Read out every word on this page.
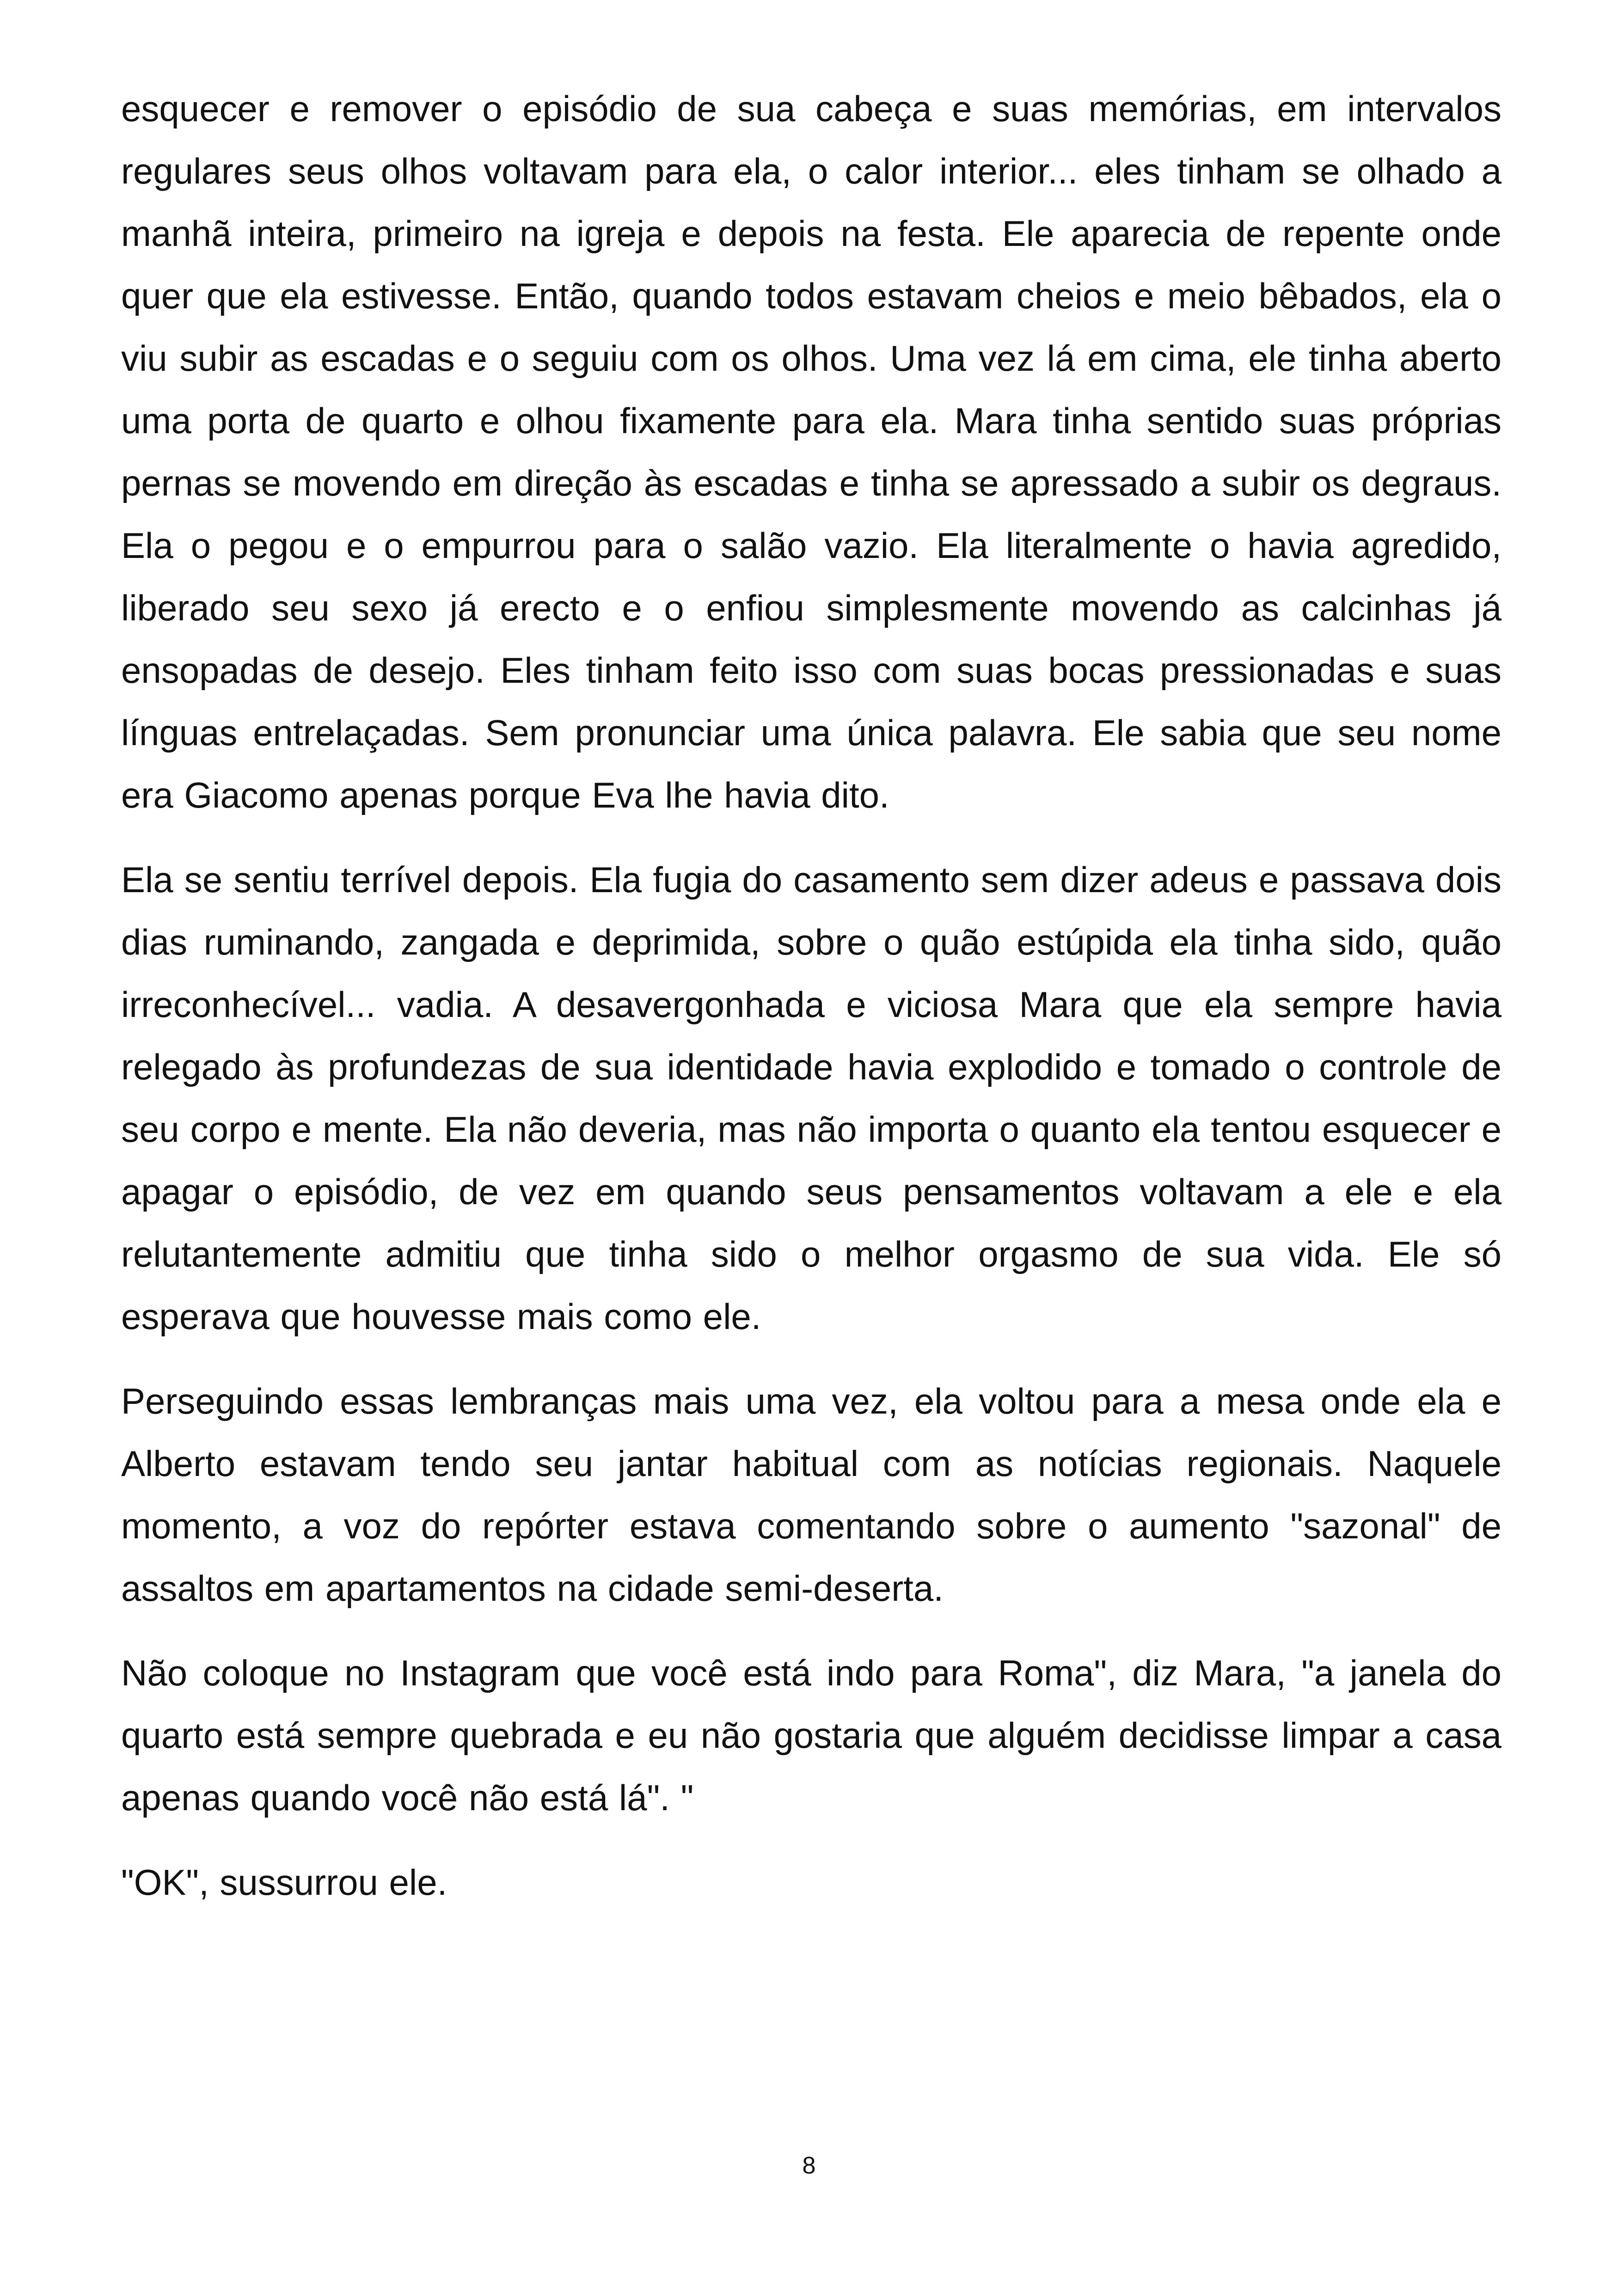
esquecer e remover o episódio de sua cabeça e suas memórias, em intervalos regulares seus olhos voltavam para ela, o calor interior... eles tinham se olhado a manhã inteira, primeiro na igreja e depois na festa. Ele aparecia de repente onde quer que ela estivesse. Então, quando todos estavam cheios e meio bêbados, ela o viu subir as escadas e o seguiu com os olhos. Uma vez lá em cima, ele tinha aberto uma porta de quarto e olhou fixamente para ela. Mara tinha sentido suas próprias pernas se movendo em direção às escadas e tinha se apressado a subir os degraus. Ela o pegou e o empurrou para o salão vazio. Ela literalmente o havia agredido, liberado seu sexo já erecto e o enfiou simplesmente movendo as calcinhas já ensopadas de desejo. Eles tinham feito isso com suas bocas pressionadas e suas línguas entrelaçadas. Sem pronunciar uma única palavra. Ele sabia que seu nome era Giacomo apenas porque Eva lhe havia dito.

Ela se sentiu terrível depois. Ela fugia do casamento sem dizer adeus e passava dois dias ruminando, zangada e deprimida, sobre o quão estúpida ela tinha sido, quão irreconhecível... vadia. A desavergonhada e viciosa Mara que ela sempre havia relegado às profundezas de sua identidade havia explodido e tomado o controle de seu corpo e mente. Ela não deveria, mas não importa o quanto ela tentou esquecer e apagar o episódio, de vez em quando seus pensamentos voltavam a ele e ela relutantemente admitiu que tinha sido o melhor orgasmo de sua vida. Ele só esperava que houvesse mais como ele.

Perseguindo essas lembranças mais uma vez, ela voltou para a mesa onde ela e Alberto estavam tendo seu jantar habitual com as notícias regionais. Naquele momento, a voz do repórter estava comentando sobre o aumento "sazonal" de assaltos em apartamentos na cidade semi-deserta.

Não coloque no Instagram que você está indo para Roma", diz Mara, "a janela do quarto está sempre quebrada e eu não gostaria que alguém decidisse limpar a casa apenas quando você não está lá". "

"OK", sussurrou ele.

8
